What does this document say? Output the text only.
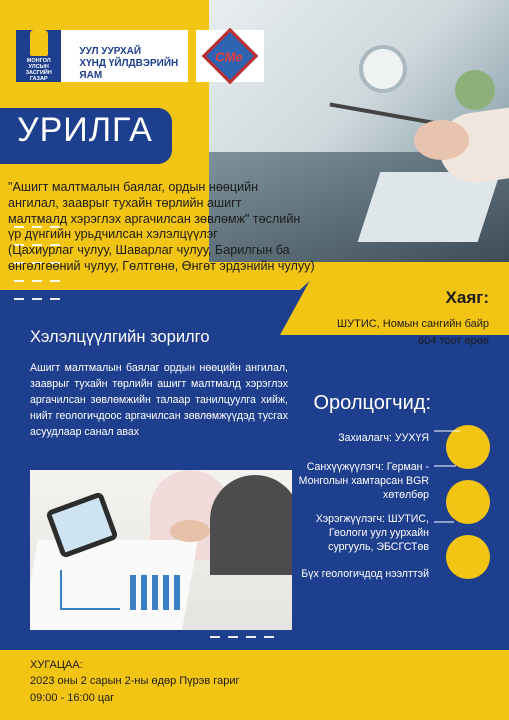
МОНГОЛ УЛСЫН ЗАСГИЙН ГАЗАР
УУЛ УУРХАЙ
ХҮНД ҮЙЛДВЭРИЙН ЯАМ
CMe
УРИЛГА
"Ашигт малтмалын баялаг, ордын нөөцийн
ангилал, зааврыг тухайн төрлийн ашигт
малтмалд хэрэглэх аргачилсан зөвлөмж" төслийн
үр дүнгийн урьдчилсан хэлэлцүүлэг
(Цахиурлаг чулуу, Шаварлаг чулуу, Барилгын ба
өнгөлгөөний чулуу, Гөлтгөнө, Өнгөт эрдэнийн чулуу)
Хаяг:
ШУТИС, Номын сангийн байр
604 тоот өрөө
Хэлэлцүүлгийн зорилго
Ашигт малтмалын баялаг ордын нөөцийн ангилал, зааврыг тухайн төрлийн ашигт малтмалд хэрэглэх аргачилсан зөвлөмжийн талаар танилцуулга хийж, нийт геологичдоос аргачилсан зөвлөмжүүдэд тусгах асуудлаар санал авах
Оролцогчид:
Захиалагч: УУХҮЯ
Санхүүжүүлэгч: Герман -
Монголын хамтарсан BGR
хөтөлбөр
Хэрэгжүүлэгч: ШУТИС,
Геологи уул уурхайн
сургууль, ЭБСГСТөв
Бүх геологичдод нээлттэй
ХУГАЦАА:
2023 оны 2 сарын 2-ны өдөр Пүрэв гариг
09:00 - 16:00 цаг
